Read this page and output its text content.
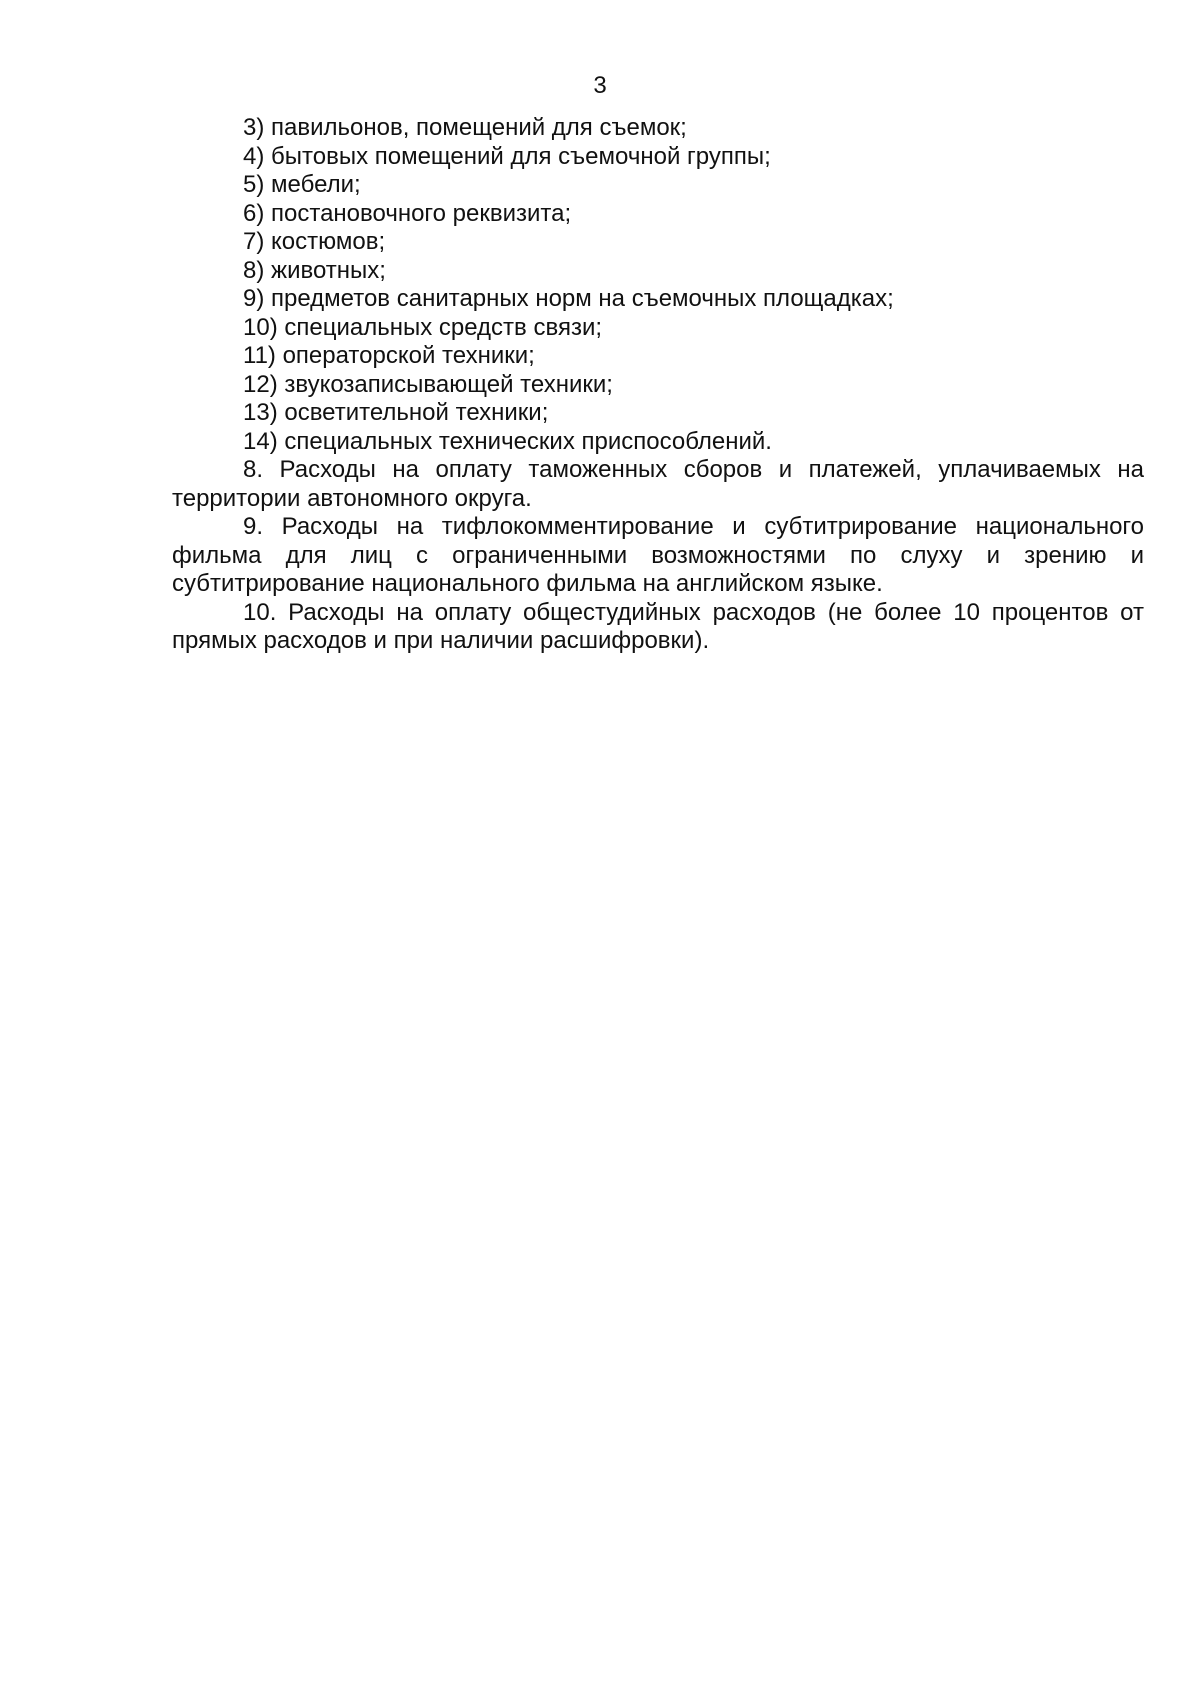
3
3) павильонов, помещений для съемок;
4) бытовых помещений для съемочной группы;
5) мебели;
6) постановочного реквизита;
7) костюмов;
8) животных;
9) предметов санитарных норм на съемочных площадках;
10) специальных средств связи;
11) операторской техники;
12) звукозаписывающей техники;
13) осветительной техники;
14) специальных технических приспособлений.
8. Расходы на оплату таможенных сборов и платежей, уплачиваемых на территории автономного округа.
9. Расходы на тифлокомментирование и субтитрирование национального фильма для лиц с ограниченными возможностями по слуху и зрению и субтитрирование национального фильма на английском языке.
10. Расходы на оплату общестудийных расходов (не более 10 процентов от прямых расходов и при наличии расшифровки).
